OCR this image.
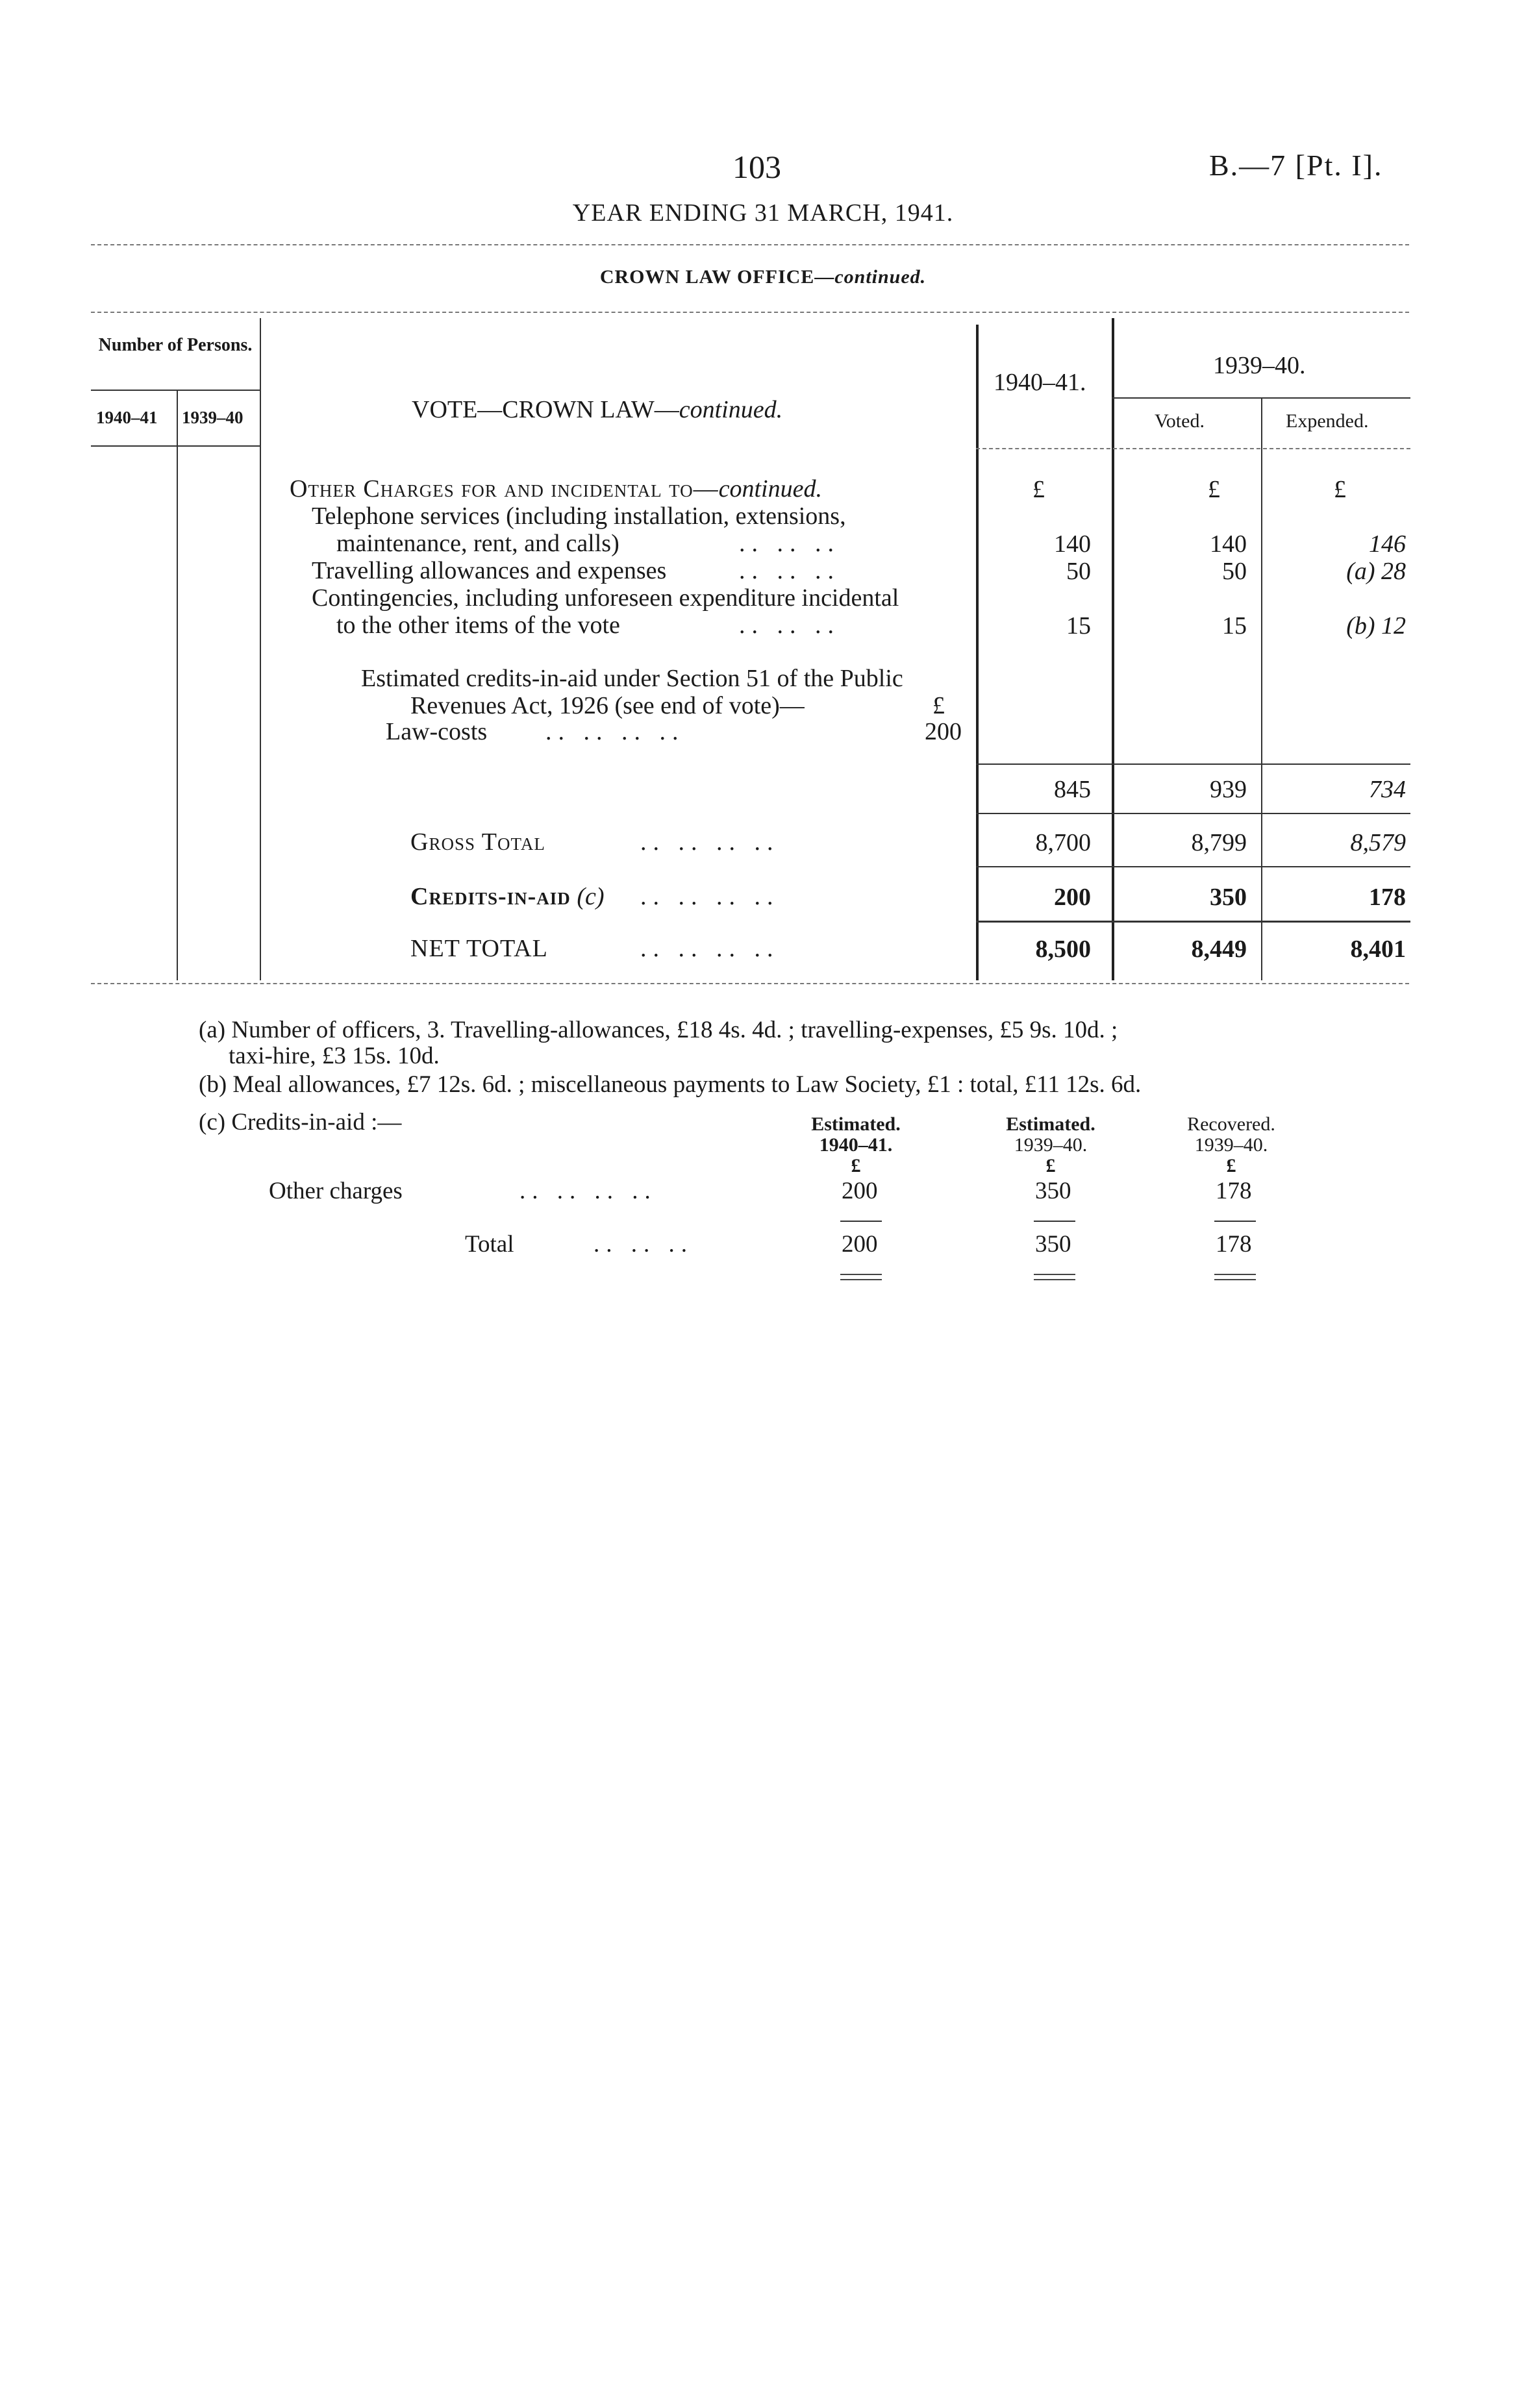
103	B.—7 [Pt. I].
YEAR ENDING 31 MARCH, 1941.
CROWN LAW OFFICE—continued.
Number of Persons.
1940–41 1939–40	VOTE—CROWN LAW—continued.
1940–41.
1939–40.
Voted.	Expended.
Other Charges for and incidental to—continued.	£	£	£
Telephone services (including installation, extensions,
maintenance, rent, and calls)	.. .. ..	140	140	146
Travelling allowances and expenses	.. .. ..	50	50	(a) 28
Contingencies, including unforeseen expenditure incidental
to the other items of the vote	.. .. ..	15	15	(b) 12
Estimated credits-in-aid under Section 51 of the Public
Revenues Act, 1926 (see end of vote)—	£
Law-costs .. .. .. ..	200
845	939	734
Gross Total	.. .. .. ..	8,700	8,799	8,579
Credits-in-aid (c) .. .. .. ..	200	350	178
NET TOTAL	.. .. .. ..	8,500	8,449	8,401
(a) Number of officers, 3. Travelling-allowances, £18 4s. 4d. ; travelling-expenses, £5 9s. 10d. ;
taxi-hire, £3 15s. 10d.
(b) Meal allowances, £7 12s. 6d. ; miscellaneous payments to Law Society, £1 : total, £11 12s. 6d.
(c) Credits-in-aid :—	Estimated.
1940–41.
£
Estimated.
1939–40.
£
Recovered.
1939–40.
£
Other charges	.. .. .. ..	200	350	178
Total	.. .. ..	200	350	178
